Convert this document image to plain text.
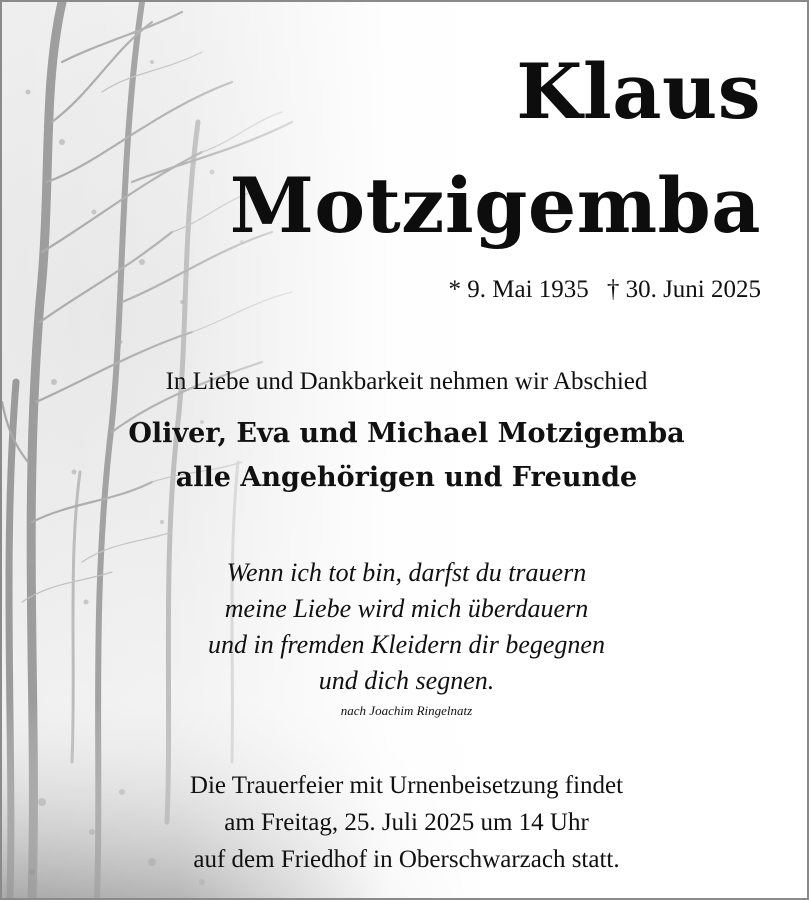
Klaus
Motzigemba
* 9. Mai 1935 † 30. Juni 2025
In Liebe und Dankbarkeit nehmen wir Abschied
Oliver, Eva und Michael Motzigemba
alle Angehörigen und Freunde
Wenn ich tot bin, darfst du trauern
meine Liebe wird mich überdauern
und in fremden Kleidern dir begegnen
und dich segnen.
nach Joachim Ringelnatz
Die Trauerfeier mit Urnenbeisetzung findet
am Freitag, 25. Juli 2025 um 14 Uhr
auf dem Friedhof in Oberschwarzach statt.
